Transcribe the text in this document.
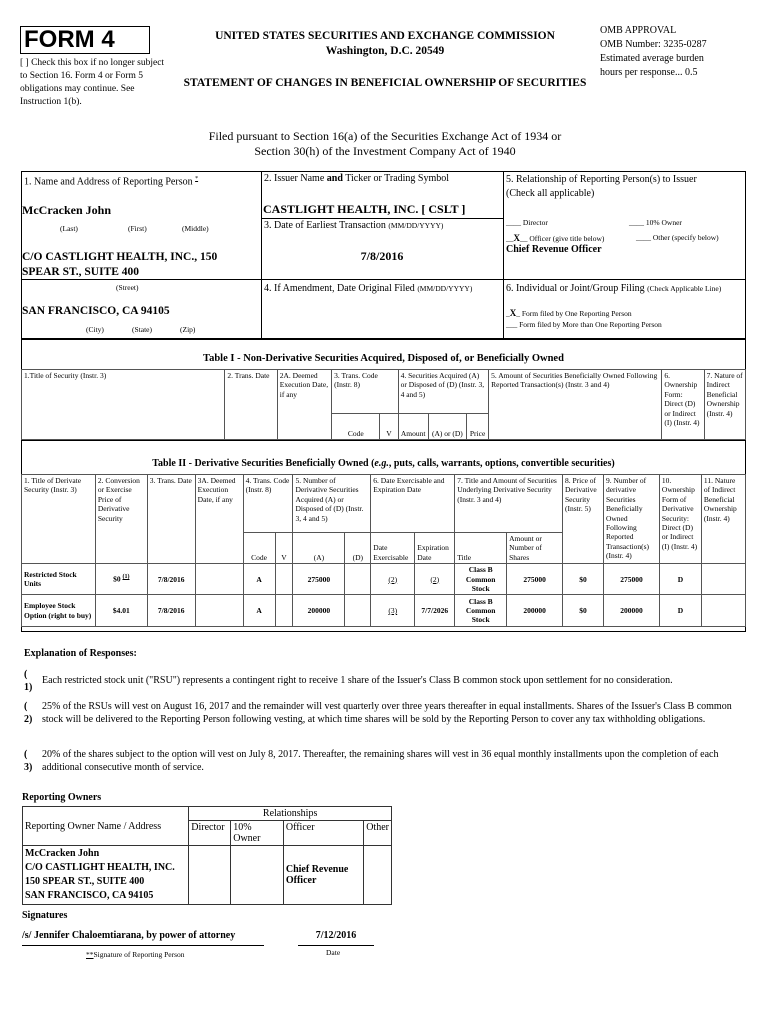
FORM 4
[ ] Check this box if no longer subject to Section 16. Form 4 or Form 5 obligations may continue. See Instruction 1(b).
UNITED STATES SECURITIES AND EXCHANGE COMMISSION
Washington, D.C. 20549
STATEMENT OF CHANGES IN BENEFICIAL OWNERSHIP OF SECURITIES
OMB APPROVAL
OMB Number: 3235-0287
Estimated average burden
hours per response... 0.5
Filed pursuant to Section 16(a) of the Securities Exchange Act of 1934 or
Section 30(h) of the Investment Company Act of 1940
1. Name and Address of Reporting Person *
McCracken John
(Last)	(First)	(Middle)
C/O CASTLIGHT HEALTH, INC., 150
SPEAR ST., SUITE 400
(Street)
SAN FRANCISCO, CA 94105
(City)	(State)	(Zip)
2. Issuer Name and Ticker or Trading Symbol
CASTLIGHT HEALTH, INC. [ CSLT ]
3. Date of Earliest Transaction (MM/DD/YYYY)
7/8/2016
4. If Amendment, Date Original Filed (MM/DD/YYYY)
5. Relationship of Reporting Person(s) to Issuer
(Check all applicable)
____ Director	____ 10% Owner
__X__ Officer (give title below)	____ Other (specify below)
Chief Revenue Officer
6. Individual or Joint/Group Filing (Check Applicable Line)
_X_ Form filed by One Reporting Person
___ Form filed by More than One Reporting Person
Table I - Non-Derivative Securities Acquired, Disposed of, or Beneficially Owned
1.Title of Security (Instr. 3)	2. Trans. Date	2A. Deemed Execution Date, if any	3. Trans. Code (Instr. 8)		4. Securities Acquired (A) or Disposed of (D) (Instr. 3, 4 and 5)			5. Amount of Securities Beneficially Owned Following Reported Transaction(s) (Instr. 3 and 4)	6. Ownership Form: Direct (D) or Indirect (I) (Instr. 4)	7. Nature of Indirect Beneficial Ownership (Instr. 4)
			Code	V	Amount	(A) or (D)	Price			
Table II - Derivative Securities Beneficially Owned (e.g., puts, calls, warrants, options, convertible securities)
1. Title of Derivate Security (Instr. 3)	2. Conversion or Exercise Price of Derivative Security	3. Trans. Date	3A. Deemed Execution Date, if any	4. Trans. Code (Instr. 8)		5. Number of Derivative Securities Acquired (A) or Disposed of (D) (Instr. 3, 4 and 5)		6. Date Exercisable and Expiration Date		7. Title and Amount of Securities Underlying Derivative Security (Instr. 3 and 4)		8. Price of Derivative Security (Instr. 5)	9. Number of derivative Securities Beneficially Owned Following Reported Transaction(s) (Instr. 4)	10. Ownership Form of Derivative Security: Direct (D) or Indirect (I) (Instr. 4)	11. Nature of Indirect Beneficial Ownership (Instr. 4)
				Code	V	(A)	(D)	Date Exercisable	Expiration Date	Title	Amount or Number of Shares				
Restricted Stock Units	$0 $^{(1)}$	7/8/2016		A		275000		(2)	(2)	Class B Common Stock	275000	$0	275000	D	
Employee Stock Option (right to buy)	$4.01	7/8/2016		A		200000		(3)	7/7/2026	Class B Common Stock	200000	$0	200000	D	
Explanation of Responses:
(
1)
Each restricted stock unit ("RSU") represents a contingent right to receive 1 share of the Issuer's Class B common stock upon settlement for no consideration.
(
2)
25% of the RSUs will vest on August 16, 2017 and the remainder will vest quarterly over three years thereafter in equal installments. Shares of the Issuer's Class B common stock will be delivered to the Reporting Person following vesting, at which time shares will be sold by the Reporting Person to cover any tax withholding obligations.
(
3)
20% of the shares subject to the option will vest on July 8, 2017. Thereafter, the remaining shares will vest in 36 equal monthly installments upon the completion of each additional consecutive month of service.
Reporting Owners
Reporting Owner Name / Address	Relationships			
	Director	10% Owner	Officer	Other

McCracken John
C/O CASTLIGHT HEALTH, INC.
150 SPEAR ST., SUITE 400
SAN FRANCISCO, CA 94105			Chief Revenue Officer	
Signatures
/s/ Jennifer Chaloemtiarana, by power of attorney	7/12/2016
**Signature of Reporting Person	Date
